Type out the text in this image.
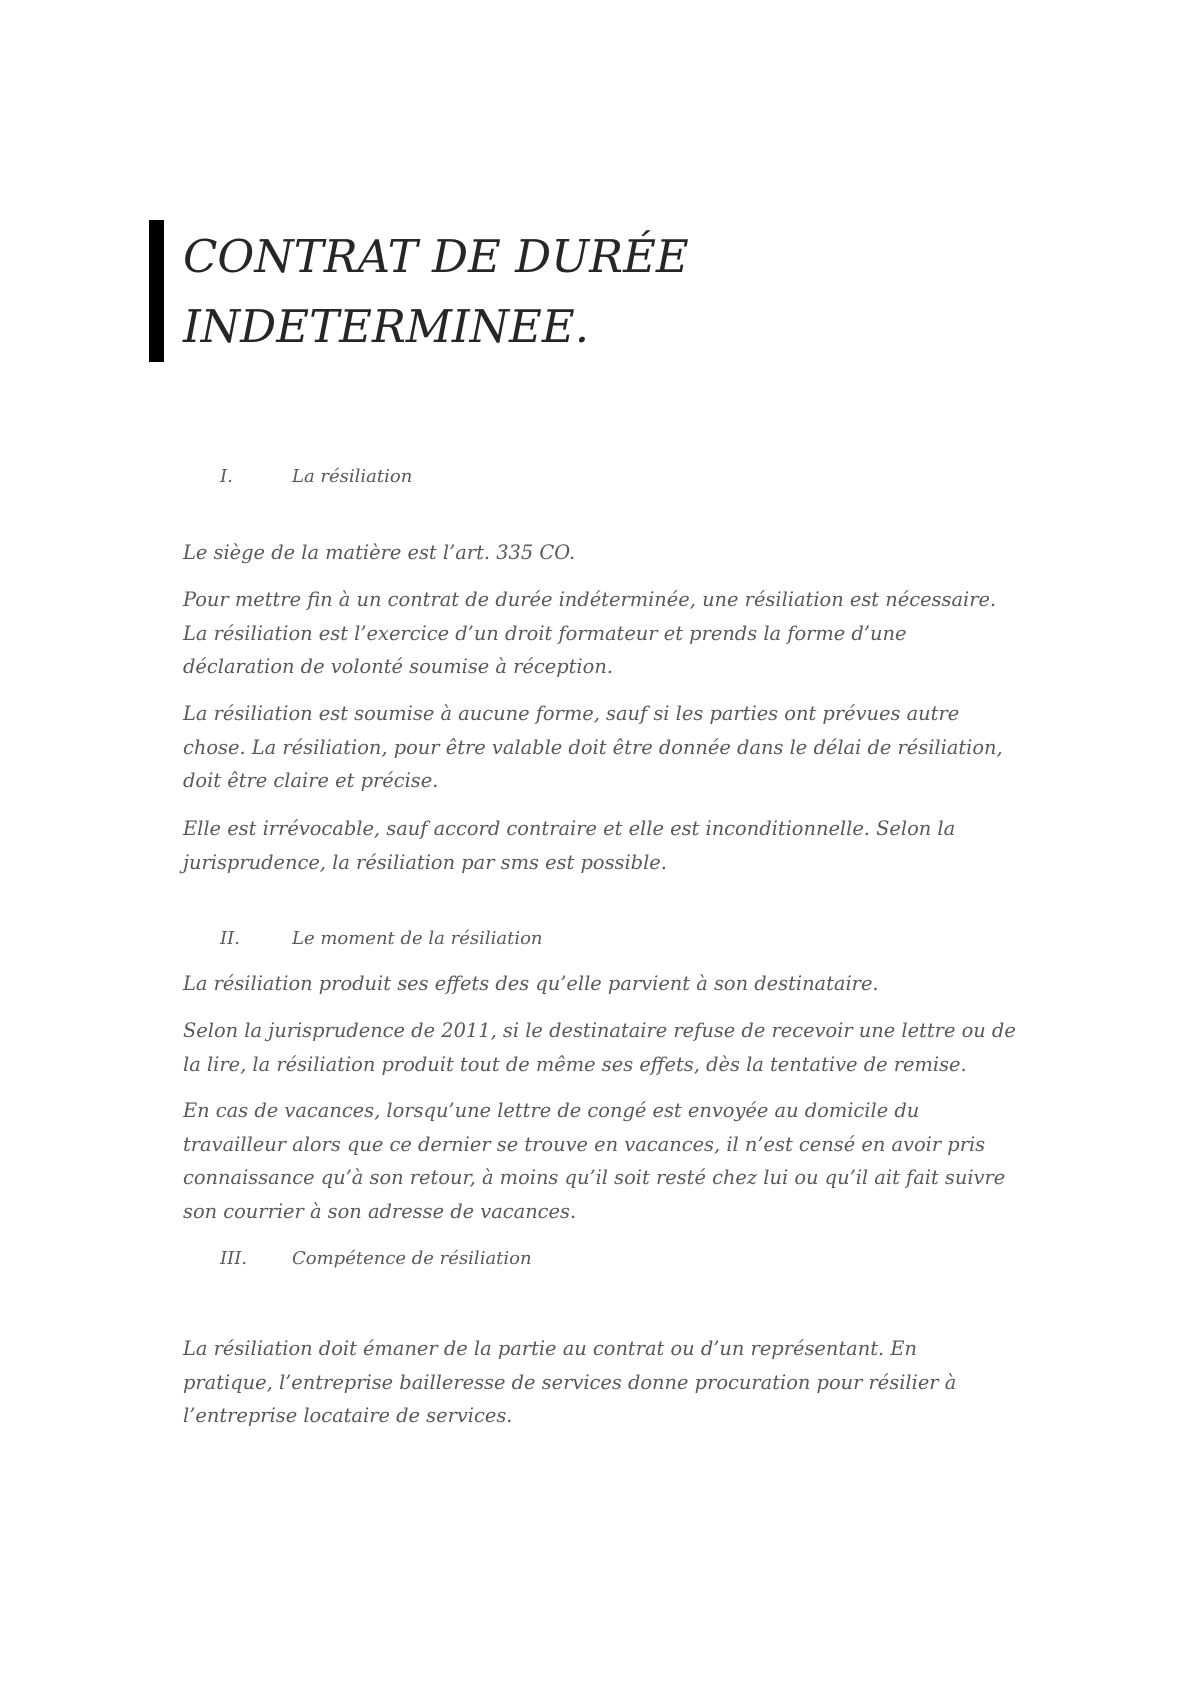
CONTRAT DE DURÉE
INDETERMINEE.
I.	La résiliation

Le siège de la matière est l’art. 335 CO.

Pour mettre fin à un contrat de durée indéterminée, une résiliation est nécessaire.
La résiliation est l’exercice d’un droit formateur et prends la forme d’une
déclaration de volonté soumise à réception.

La résiliation est soumise à aucune forme, sauf si les parties ont prévues autre
chose. La résiliation, pour être valable doit être donnée dans le délai de résiliation,
doit être claire et précise.

Elle est irrévocable, sauf accord contraire et elle est inconditionnelle. Selon la
jurisprudence, la résiliation par sms est possible.

II.	Le moment de la résiliation

La résiliation produit ses effets des qu’elle parvient à son destinataire.

Selon la jurisprudence de 2011, si le destinataire refuse de recevoir une lettre ou de
la lire, la résiliation produit tout de même ses effets, dès la tentative de remise.

En cas de vacances, lorsqu’une lettre de congé est envoyée au domicile du
travailleur alors que ce dernier se trouve en vacances, il n’est censé en avoir pris
connaissance qu’à son retour, à moins qu’il soit resté chez lui ou qu’il ait fait suivre
son courrier à son adresse de vacances.

III. Compétence de résiliation

La résiliation doit émaner de la partie au contrat ou d’un représentant. En
pratique, l’entreprise bailleresse de services donne procuration pour résilier à
l’entreprise locataire de services.
